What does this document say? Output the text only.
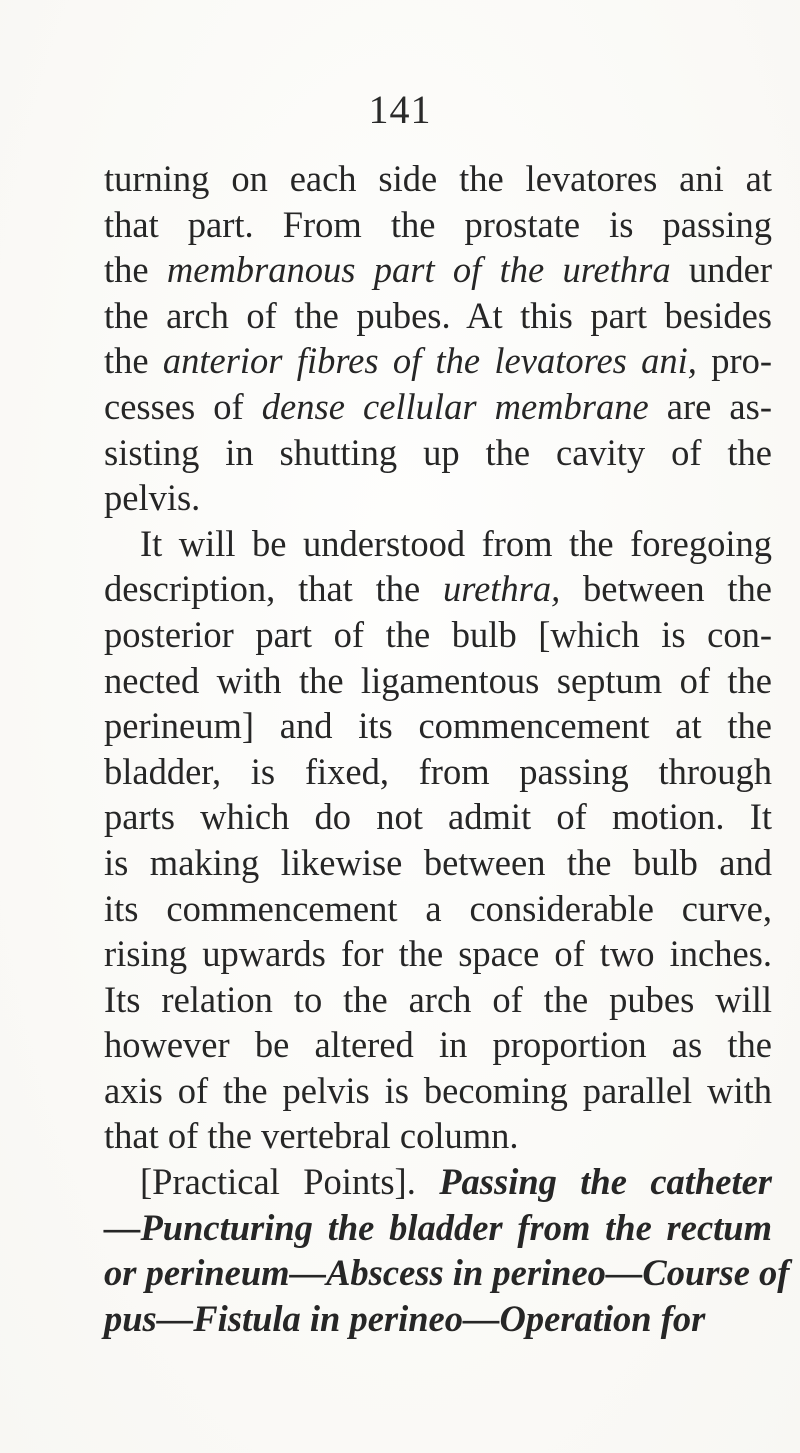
141
turning on each side the levatores ani at
that part. From the prostate is passing
the membranous part of the urethra under
the arch of the pubes. At this part besides
the anterior fibres of the levatores ani, pro-
cesses of dense cellular membrane are as-
sisting in shutting up the cavity of the
pelvis.
It will be understood from the foregoing
description, that the urethra, between the
posterior part of the bulb [which is con-
nected with the ligamentous septum of the
perineum] and its commencement at the
bladder, is fixed, from passing through
parts which do not admit of motion. It
is making likewise between the bulb and
its commencement a considerable curve,
rising upwards for the space of two inches.
Its relation to the arch of the pubes will
however be altered in proportion as the
axis of the pelvis is becoming parallel with
that of the vertebral column.
[Practical Points]. Passing the catheter
—Puncturing the bladder from the rectum
or perineum—Abscess in perineo—Course of
pus—Fistula in perineo—Operation for
